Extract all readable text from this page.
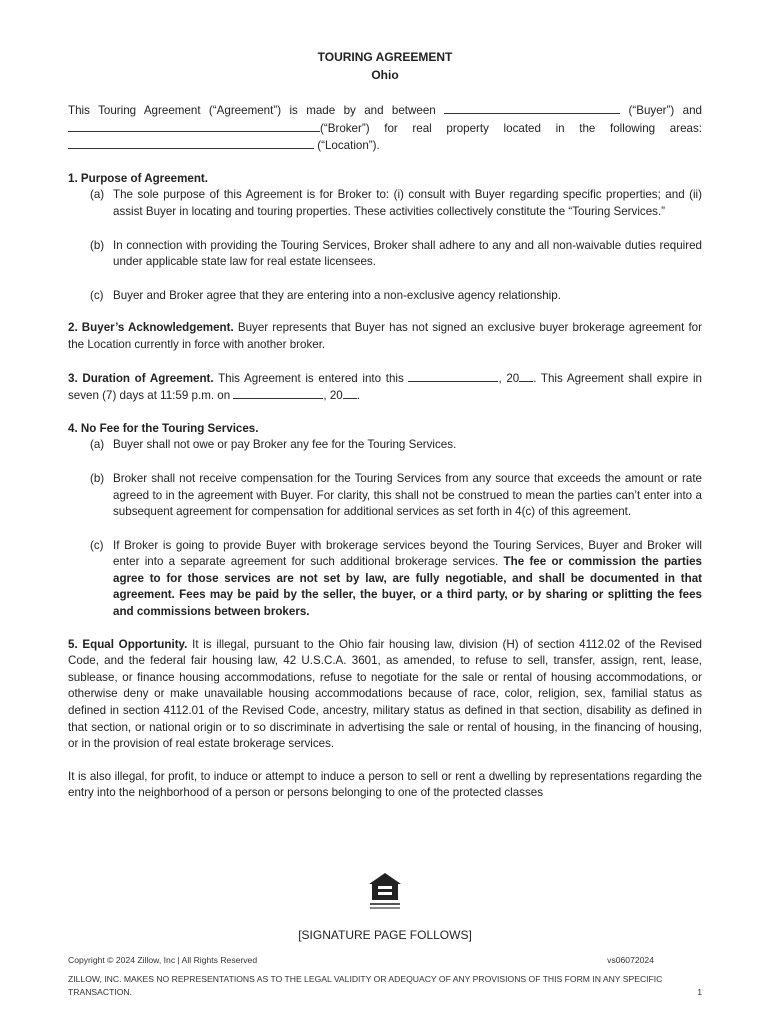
TOURING AGREEMENT

Ohio

This Touring Agreement (“Agreement”) is made by and between	(“Buyer”) and (“Broker”) for real property located in the following areas:  (“Location”).

1. Purpose of Agreement.

(a) The sole purpose of this Agreement is for Broker to: (i) consult with Buyer regarding specific properties; and (ii) assist Buyer in locating and touring properties. These activities collectively constitute the “Touring Services.”
(b) In connection with providing the Touring Services, Broker shall adhere to any and all non-waivable duties required under applicable state law for real estate licensees.
(c) Buyer and Broker agree that they are entering into a non-exclusive agency relationship.
2. Buyer’s Acknowledgement. Buyer represents that Buyer has not signed an exclusive buyer brokerage agreement for the Location currently in force with another broker.
3. Duration of Agreement. This Agreement is entered into this	, 20 . This Agreement shall expire in seven (7) days at 11:59 p.m. on	, 20 .

4. No Fee for the Touring Services.

(a) Buyer shall not owe or pay Broker any fee for the Touring Services.
(b) Broker shall not receive compensation for the Touring Services from any source that exceeds the amount or rate agreed to in the agreement with Buyer. For clarity, this shall not be construed to mean the parties can’t enter into a subsequent agreement for compensation for additional services as set forth in 4(c) of this agreement.
(c) If Broker is going to provide Buyer with brokerage services beyond the Touring Services, Buyer and Broker will enter into a separate agreement for such additional brokerage services. The fee or commission the parties agree to for those services are not set by law, are fully negotiable, and shall be documented in that agreement. Fees may be paid by the seller, the buyer, or a third party, or by sharing or splitting the fees and commissions between brokers.
5. Equal Opportunity. It is illegal, pursuant to the Ohio fair housing law, division (H) of section 4112.02 of the Revised Code, and the federal fair housing law, 42 U.S.C.A. 3601, as amended, to refuse to sell, transfer, assign, rent, lease, sublease, or finance housing accommodations, refuse to negotiate for the sale or rental of housing accommodations, or otherwise deny or make unavailable housing accommodations because of race, color, religion, sex, familial status as defined in section 4112.01 of the Revised Code, ancestry, military status as defined in that section, disability as defined in that section, or national origin or to so discriminate in advertising the sale or rental of housing, in the financing of housing, or in the provision of real estate brokerage services.

It is also illegal, for profit, to induce or attempt to induce a person to sell or rent a dwelling by representations regarding the entry into the neighborhood of a person or persons belonging to one of the protected classes

[SIGNATURE PAGE FOLLOWS]
Copyright © 2024 Zillow, Inc | All Rights Reserved	vs06072024
ZILLOW, INC. MAKES NO REPRESENTATIONS AS TO THE LEGAL VALIDITY OR ADEQUACY OF ANY PROVISIONS OF THIS FORM IN ANY SPECIFIC TRANSACTION.	1
